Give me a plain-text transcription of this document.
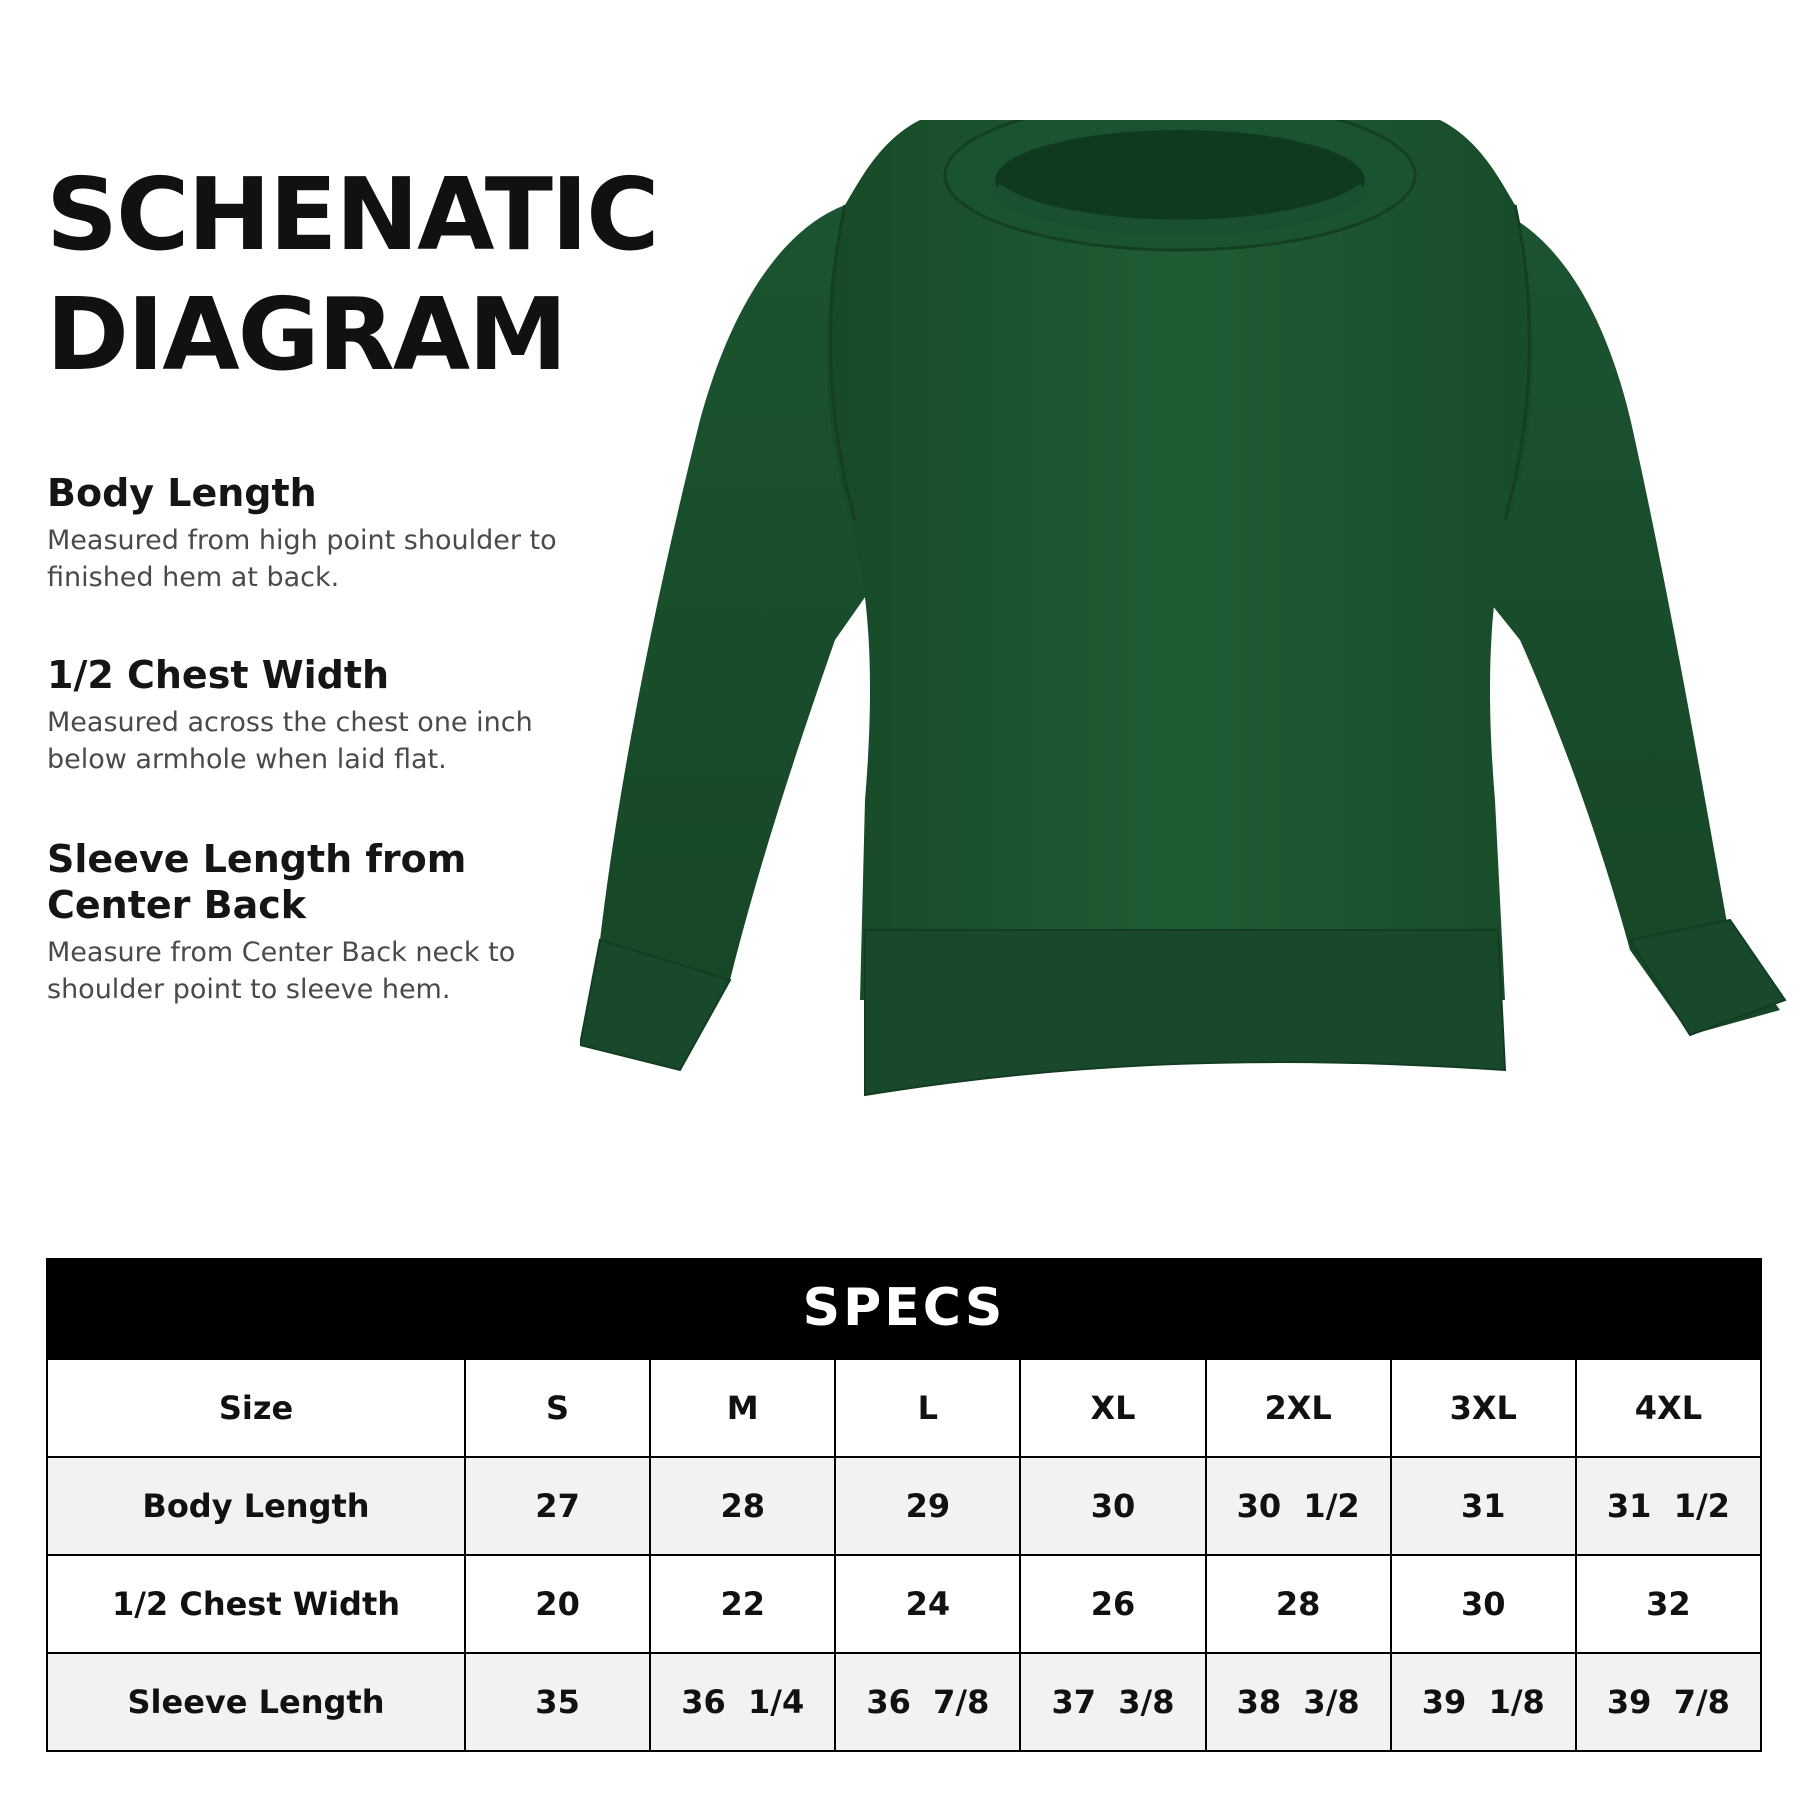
SCHENATIC
DIAGRAM
Body Length
Measured from high point shoulder to finished hem at back.
1/2 Chest Width
Measured across the chest one inch below armhole when laid flat.
Sleeve Length from Center Back
Measure from Center Back neck to shoulder point to sleeve hem.
SPECS
Size	S	M	L	XL	2XL	3XL	4XL
Body Length	27	28	29	30	30  1/2	31	31  1/2
1/2 Chest Width	20	22	24	26	28	30	32
Sleeve Length	35	36  1/4	36  7/8	37  3/8	38  3/8	39  1/8	39  7/8
